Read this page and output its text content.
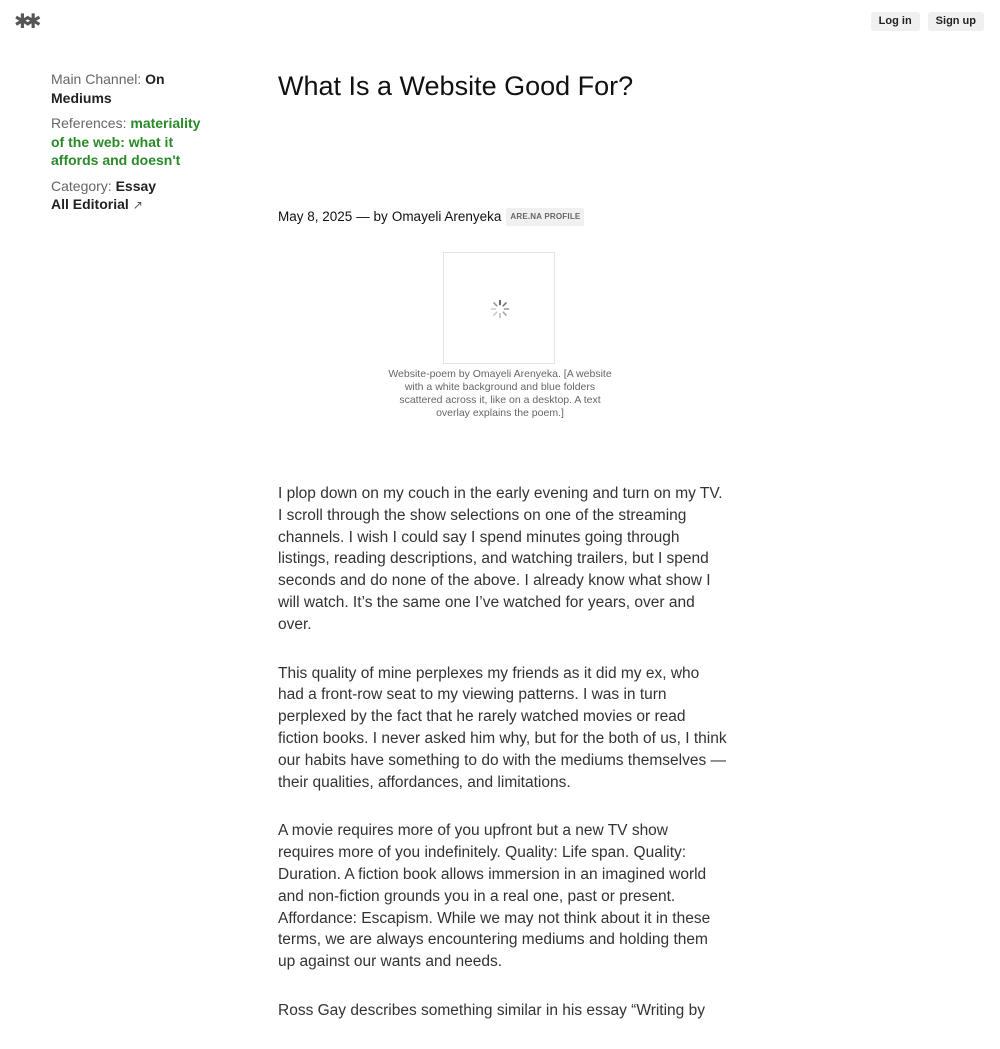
✱✱	Log in	Sign up
Main Channel: On Mediums
References: materiality of the web: what it affords and doesn't
Category: Essay
All Editorial ↗
What Is a Website Good For?
May 8, 2025 — by Omayeli Arenyeka	ARE.NA PROFILE
Website-poem by Omayeli Arenyeka. [A website with a white background and blue folders scattered across it, like on a desktop. A text overlay explains the poem.]

I plop down on my couch in the early evening and turn on my TV. I scroll through the show selections on one of the streaming channels. I wish I could say I spend minutes going through listings, reading descriptions, and watching trailers, but I spend seconds and do none of the above. I already know what show I will watch. It’s the same one I’ve watched for years, over and over.

This quality of mine perplexes my friends as it did my ex, who had a front-row seat to my viewing patterns. I was in turn perplexed by the fact that he rarely watched movies or read fiction books. I never asked him why, but for the both of us, I think our habits have something to do with the mediums themselves — their qualities, affordances, and limitations.

A movie requires more of you upfront but a new TV show requires more of you indefinitely. Quality: Life span. Quality: Duration. A fiction book allows immersion in an imagined world and non-fiction grounds you in a real one, past or present. Affordance: Escapism. While we may not think about it in these terms, we are always encountering mediums and holding them up against our wants and needs.

Ross Gay describes something similar in his essay “Writing by
